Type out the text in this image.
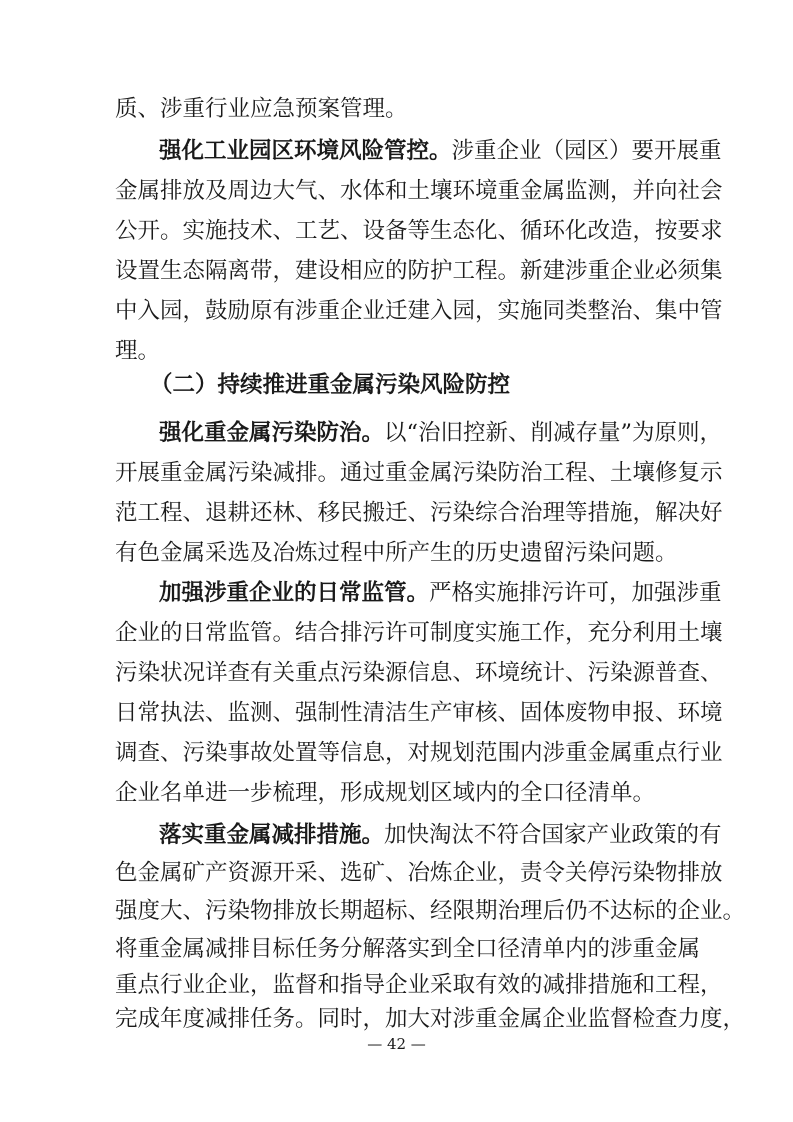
质、涉重行业应急预案管理。
强化工业园区环境风险管控。涉重企业（园区）要开展重
金属排放及周边大气、水体和土壤环境重金属监测，并向社会
公开。实施技术、工艺、设备等生态化、循环化改造，按要求
设置生态隔离带，建设相应的防护工程。新建涉重企业必须集
中入园，鼓励原有涉重企业迁建入园，实施同类整治、集中管
理。
（二）持续推进重金属污染风险防控
强化重金属污染防治。以“治旧控新、削减存量”为原则，
开展重金属污染减排。通过重金属污染防治工程、土壤修复示
范工程、退耕还林、移民搬迁、污染综合治理等措施，解决好
有色金属采选及冶炼过程中所产生的历史遗留污染问题。
加强涉重企业的日常监管。严格实施排污许可，加强涉重
企业的日常监管。结合排污许可制度实施工作，充分利用土壤
污染状况详查有关重点污染源信息、环境统计、污染源普查、
日常执法、监测、强制性清洁生产审核、固体废物申报、环境
调查、污染事故处置等信息，对规划范围内涉重金属重点行业
企业名单进一步梳理，形成规划区域内的全口径清单。
落实重金属减排措施。加快淘汰不符合国家产业政策的有
色金属矿产资源开采、选矿、冶炼企业，责令关停污染物排放
强度大、污染物排放长期超标、经限期治理后仍不达标的企业。
将重金属减排目标任务分解落实到全口径清单内的涉重金属
重点行业企业，监督和指导企业采取有效的减排措施和工程，
完成年度减排任务。同时，加大对涉重金属企业监督检查力度，
— 42 —
